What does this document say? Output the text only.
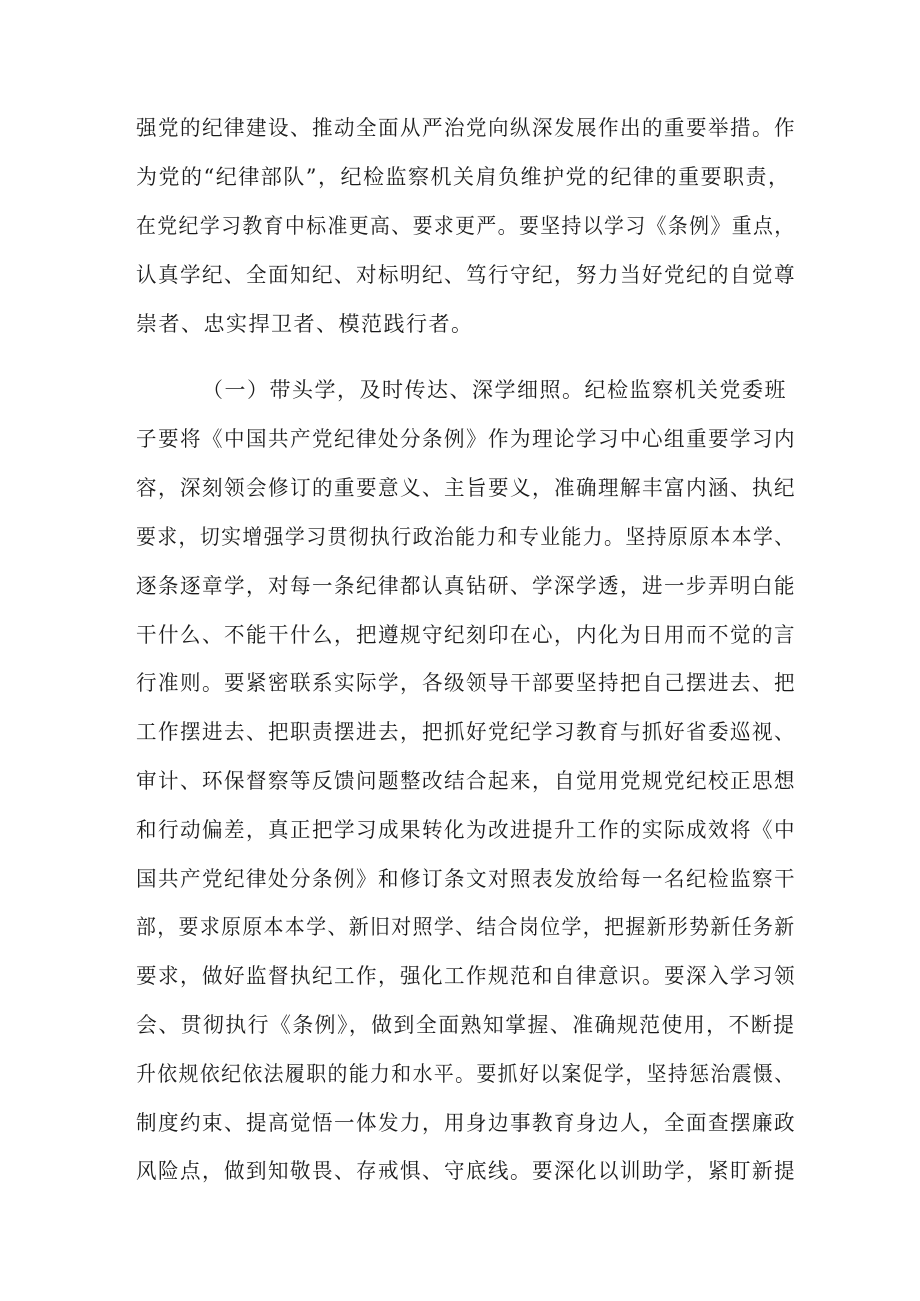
强党的纪律建设、推动全面从严治党向纵深发展作出的重要举措。作
为党的“纪律部队”，纪检监察机关肩负维护党的纪律的重要职责，
在党纪学习教育中标准更高、要求更严。要坚持以学习《条例》重点，
认真学纪、全面知纪、对标明纪、笃行守纪，努力当好党纪的自觉尊
崇者、忠实捍卫者、模范践行者。
（一）带头学，及时传达、深学细照。纪检监察机关党委班
子要将《中国共产党纪律处分条例》作为理论学习中心组重要学习内
容，深刻领会修订的重要意义、主旨要义，准确理解丰富内涵、执纪
要求，切实增强学习贯彻执行政治能力和专业能力。坚持原原本本学、
逐条逐章学，对每一条纪律都认真钻研、学深学透，进一步弄明白能
干什么、不能干什么，把遵规守纪刻印在心，内化为日用而不觉的言
行准则。要紧密联系实际学，各级领导干部要坚持把自己摆进去、把
工作摆进去、把职责摆进去，把抓好党纪学习教育与抓好省委巡视、
审计、环保督察等反馈问题整改结合起来，自觉用党规党纪校正思想
和行动偏差，真正把学习成果转化为改进提升工作的实际成效将《中
国共产党纪律处分条例》和修订条文对照表发放给每一名纪检监察干
部，要求原原本本学、新旧对照学、结合岗位学，把握新形势新任务新
要求，做好监督执纪工作，强化工作规范和自律意识。要深入学习领
会、贯彻执行《条例》，做到全面熟知掌握、准确规范使用，不断提
升依规依纪依法履职的能力和水平。要抓好以案促学，坚持惩治震慑、
制度约束、提高觉悟一体发力，用身边事教育身边人，全面查摆廉政
风险点，做到知敬畏、存戒惧、守底线。要深化以训助学，紧盯新提
